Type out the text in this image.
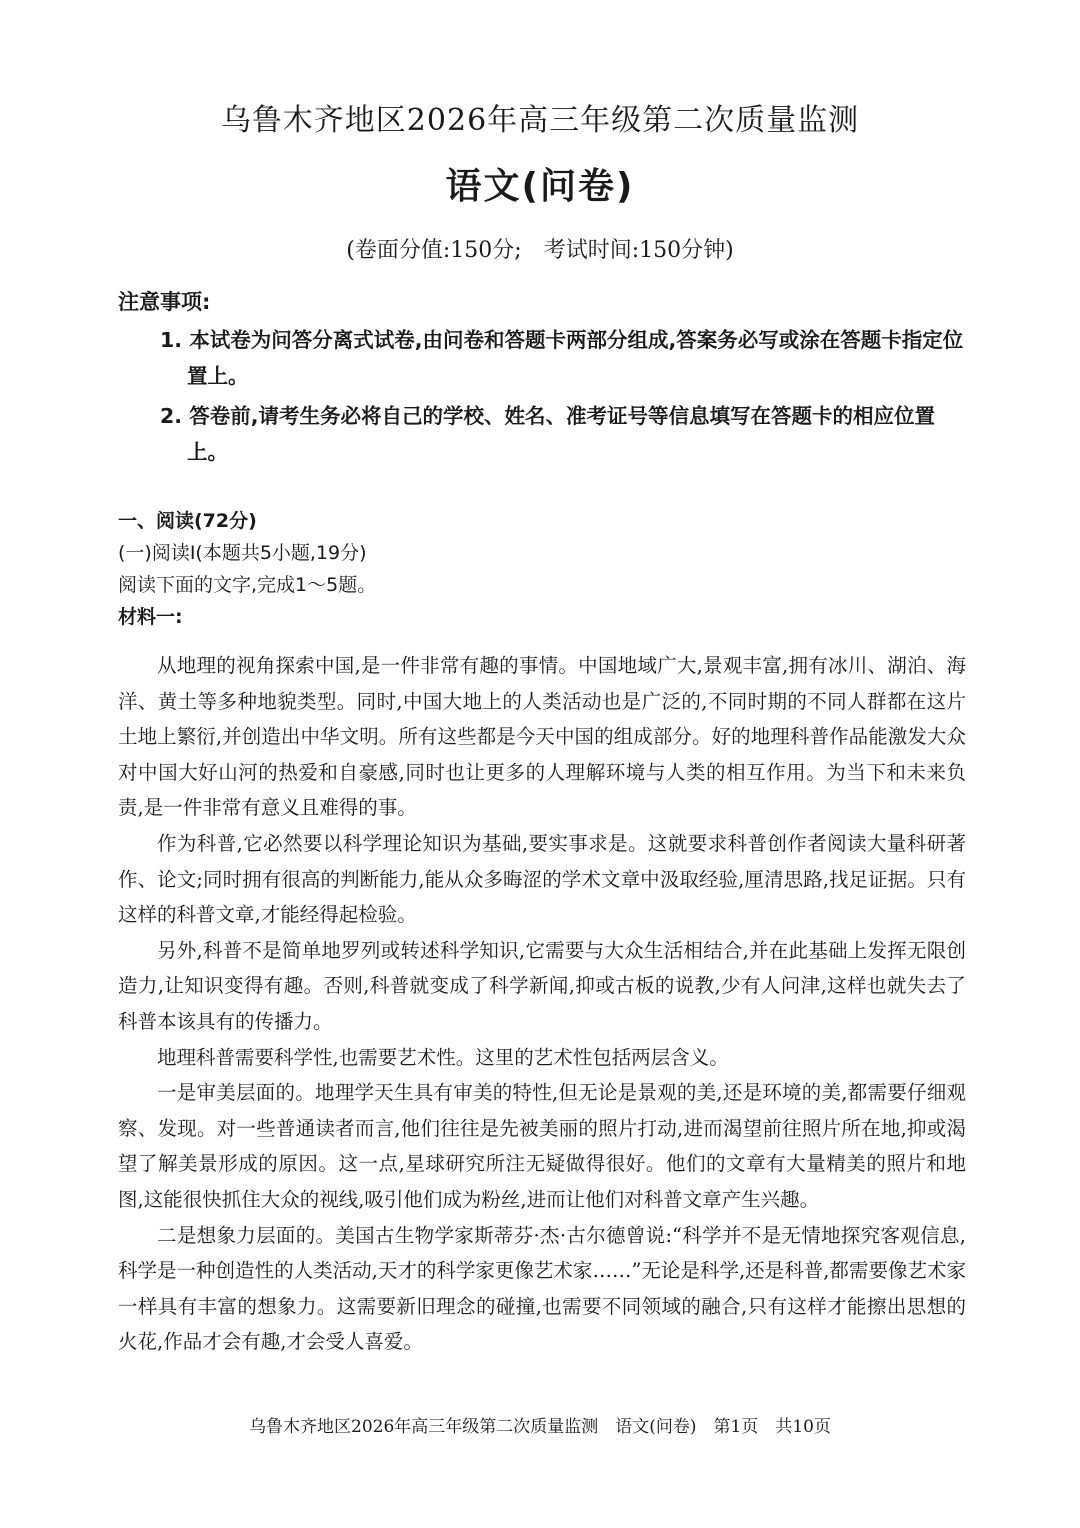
乌鲁木齐地区2026年高三年级第二次质量监测
语文(问卷)
(卷面分值:150分;　考试时间:150分钟)
注意事项:
1. 本试卷为问答分离式试卷,由问卷和答题卡两部分组成,答案务必写或涂在答题卡指定位置上。
2. 答卷前,请考生务必将自己的学校、姓名、准考证号等信息填写在答题卡的相应位置上。
一、阅读(72分)
(一)阅读I(本题共5小题,19分)
阅读下面的文字,完成1～5题。
材料一:

从地理的视角探索中国,是一件非常有趣的事情。中国地域广大,景观丰富,拥有冰川、湖泊、海洋、黄土等多种地貌类型。同时,中国大地上的人类活动也是广泛的,不同时期的不同人群都在这片土地上繁衍,并创造出中华文明。所有这些都是今天中国的组成部分。好的地理科普作品能激发大众对中国大好山河的热爱和自豪感,同时也让更多的人理解环境与人类的相互作用。为当下和未来负责,是一件非常有意义且难得的事。

作为科普,它必然要以科学理论知识为基础,要实事求是。这就要求科普创作者阅读大量科研著作、论文;同时拥有很高的判断能力,能从众多晦涩的学术文章中汲取经验,厘清思路,找足证据。只有这样的科普文章,才能经得起检验。

另外,科普不是简单地罗列或转述科学知识,它需要与大众生活相结合,并在此基础上发挥无限创造力,让知识变得有趣。否则,科普就变成了科学新闻,抑或古板的说教,少有人问津,这样也就失去了科普本该具有的传播力。

地理科普需要科学性,也需要艺术性。这里的艺术性包括两层含义。

一是审美层面的。地理学天生具有审美的特性,但无论是景观的美,还是环境的美,都需要仔细观察、发现。对一些普通读者而言,他们往往是先被美丽的照片打动,进而渴望前往照片所在地,抑或渴望了解美景形成的原因。这一点,星球研究所注无疑做得很好。他们的文章有大量精美的照片和地图,这能很快抓住大众的视线,吸引他们成为粉丝,进而让他们对科普文章产生兴趣。

二是想象力层面的。美国古生物学家斯蒂芬·杰·古尔德曾说:“科学并不是无情地探究客观信息,科学是一种创造性的人类活动,天才的科学家更像艺术家……”无论是科学,还是科普,都需要像艺术家一样具有丰富的想象力。这需要新旧理念的碰撞,也需要不同领域的融合,只有这样才能擦出思想的火花,作品才会有趣,才会受人喜爱。

乌鲁木齐地区2026年高三年级第二次质量监测　语文(问卷)　第1页　共10页
